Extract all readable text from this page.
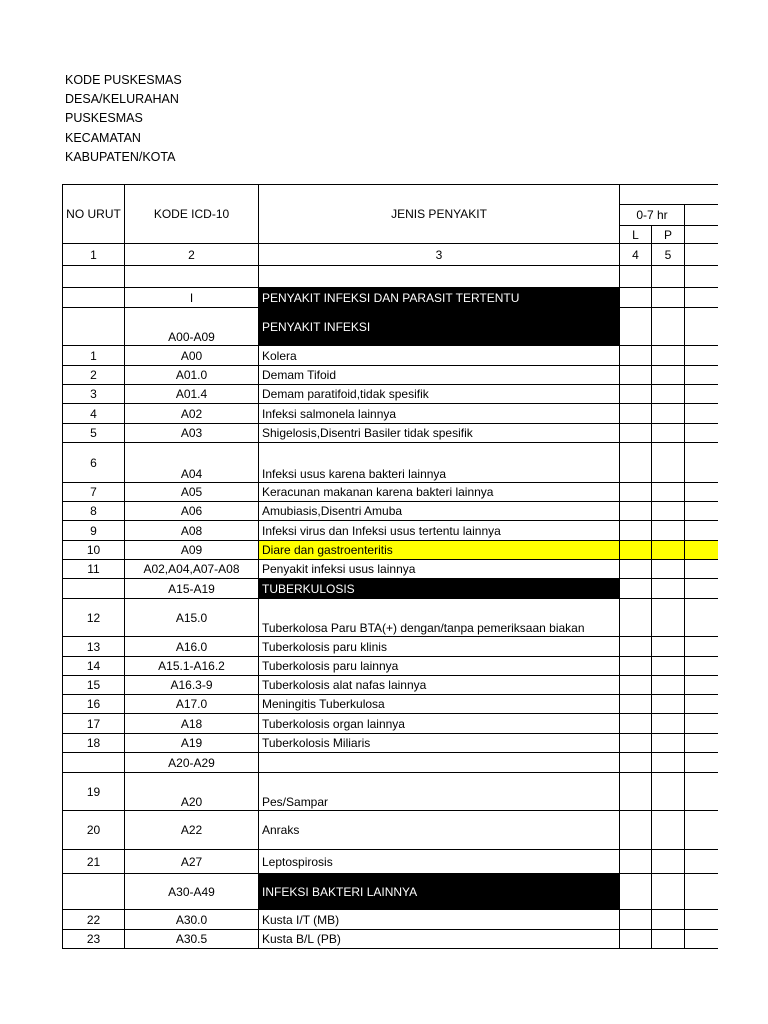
KODE PUSKESMAS
DESA/KELURAHAN
PUSKESMAS
KECAMATAN
KABUPATEN/KOTA
NO URUT	KODE ICD-10	JENIS PENYAKIT			
			0-7 hr		
			L	P	
1	2	3	4	5	

	I	PENYAKIT INFEKSI DAN PARASIT TERTENTU			
	A00-A09	PENYAKIT INFEKSI			
1	A00	Kolera			
2	A01.0	Demam Tifoid			
3	A01.4	Demam paratifoid,tidak spesifik			
4	A02	Infeksi salmonela lainnya			
5	A03	Shigelosis,Disentri Basiler tidak spesifik			
6	A04	Infeksi usus karena bakteri lainnya			
7	A05	Keracunan makanan karena bakteri lainnya			
8	A06	Amubiasis,Disentri Amuba			
9	A08	Infeksi virus dan Infeksi usus tertentu lainnya			
10	A09	Diare dan gastroenteritis			
11	A02,A04,A07-A08	Penyakit infeksi usus lainnya			
	A15-A19	TUBERKULOSIS			
12	A15.0	Tuberkolosa Paru BTA(+) dengan/tanpa pemeriksaan biakan			
13	A16.0	Tuberkolosis paru klinis			
14	A15.1-A16.2	Tuberkolosis paru lainnya			
15	A16.3-9	Tuberkolosis alat nafas lainnya			
16	A17.0	Meningitis Tuberkulosa			
17	A18	Tuberkolosis organ lainnya			
18	A19	Tuberkolosis Miliaris			
	A20-A29				
19	A20	Pes/Sampar			
20	A22	Anraks			
21	A27	Leptospirosis			
	A30-A49	INFEKSI BAKTERI LAINNYA			
22	A30.0	Kusta I/T (MB)			
23	A30.5	Kusta B/L (PB)			
